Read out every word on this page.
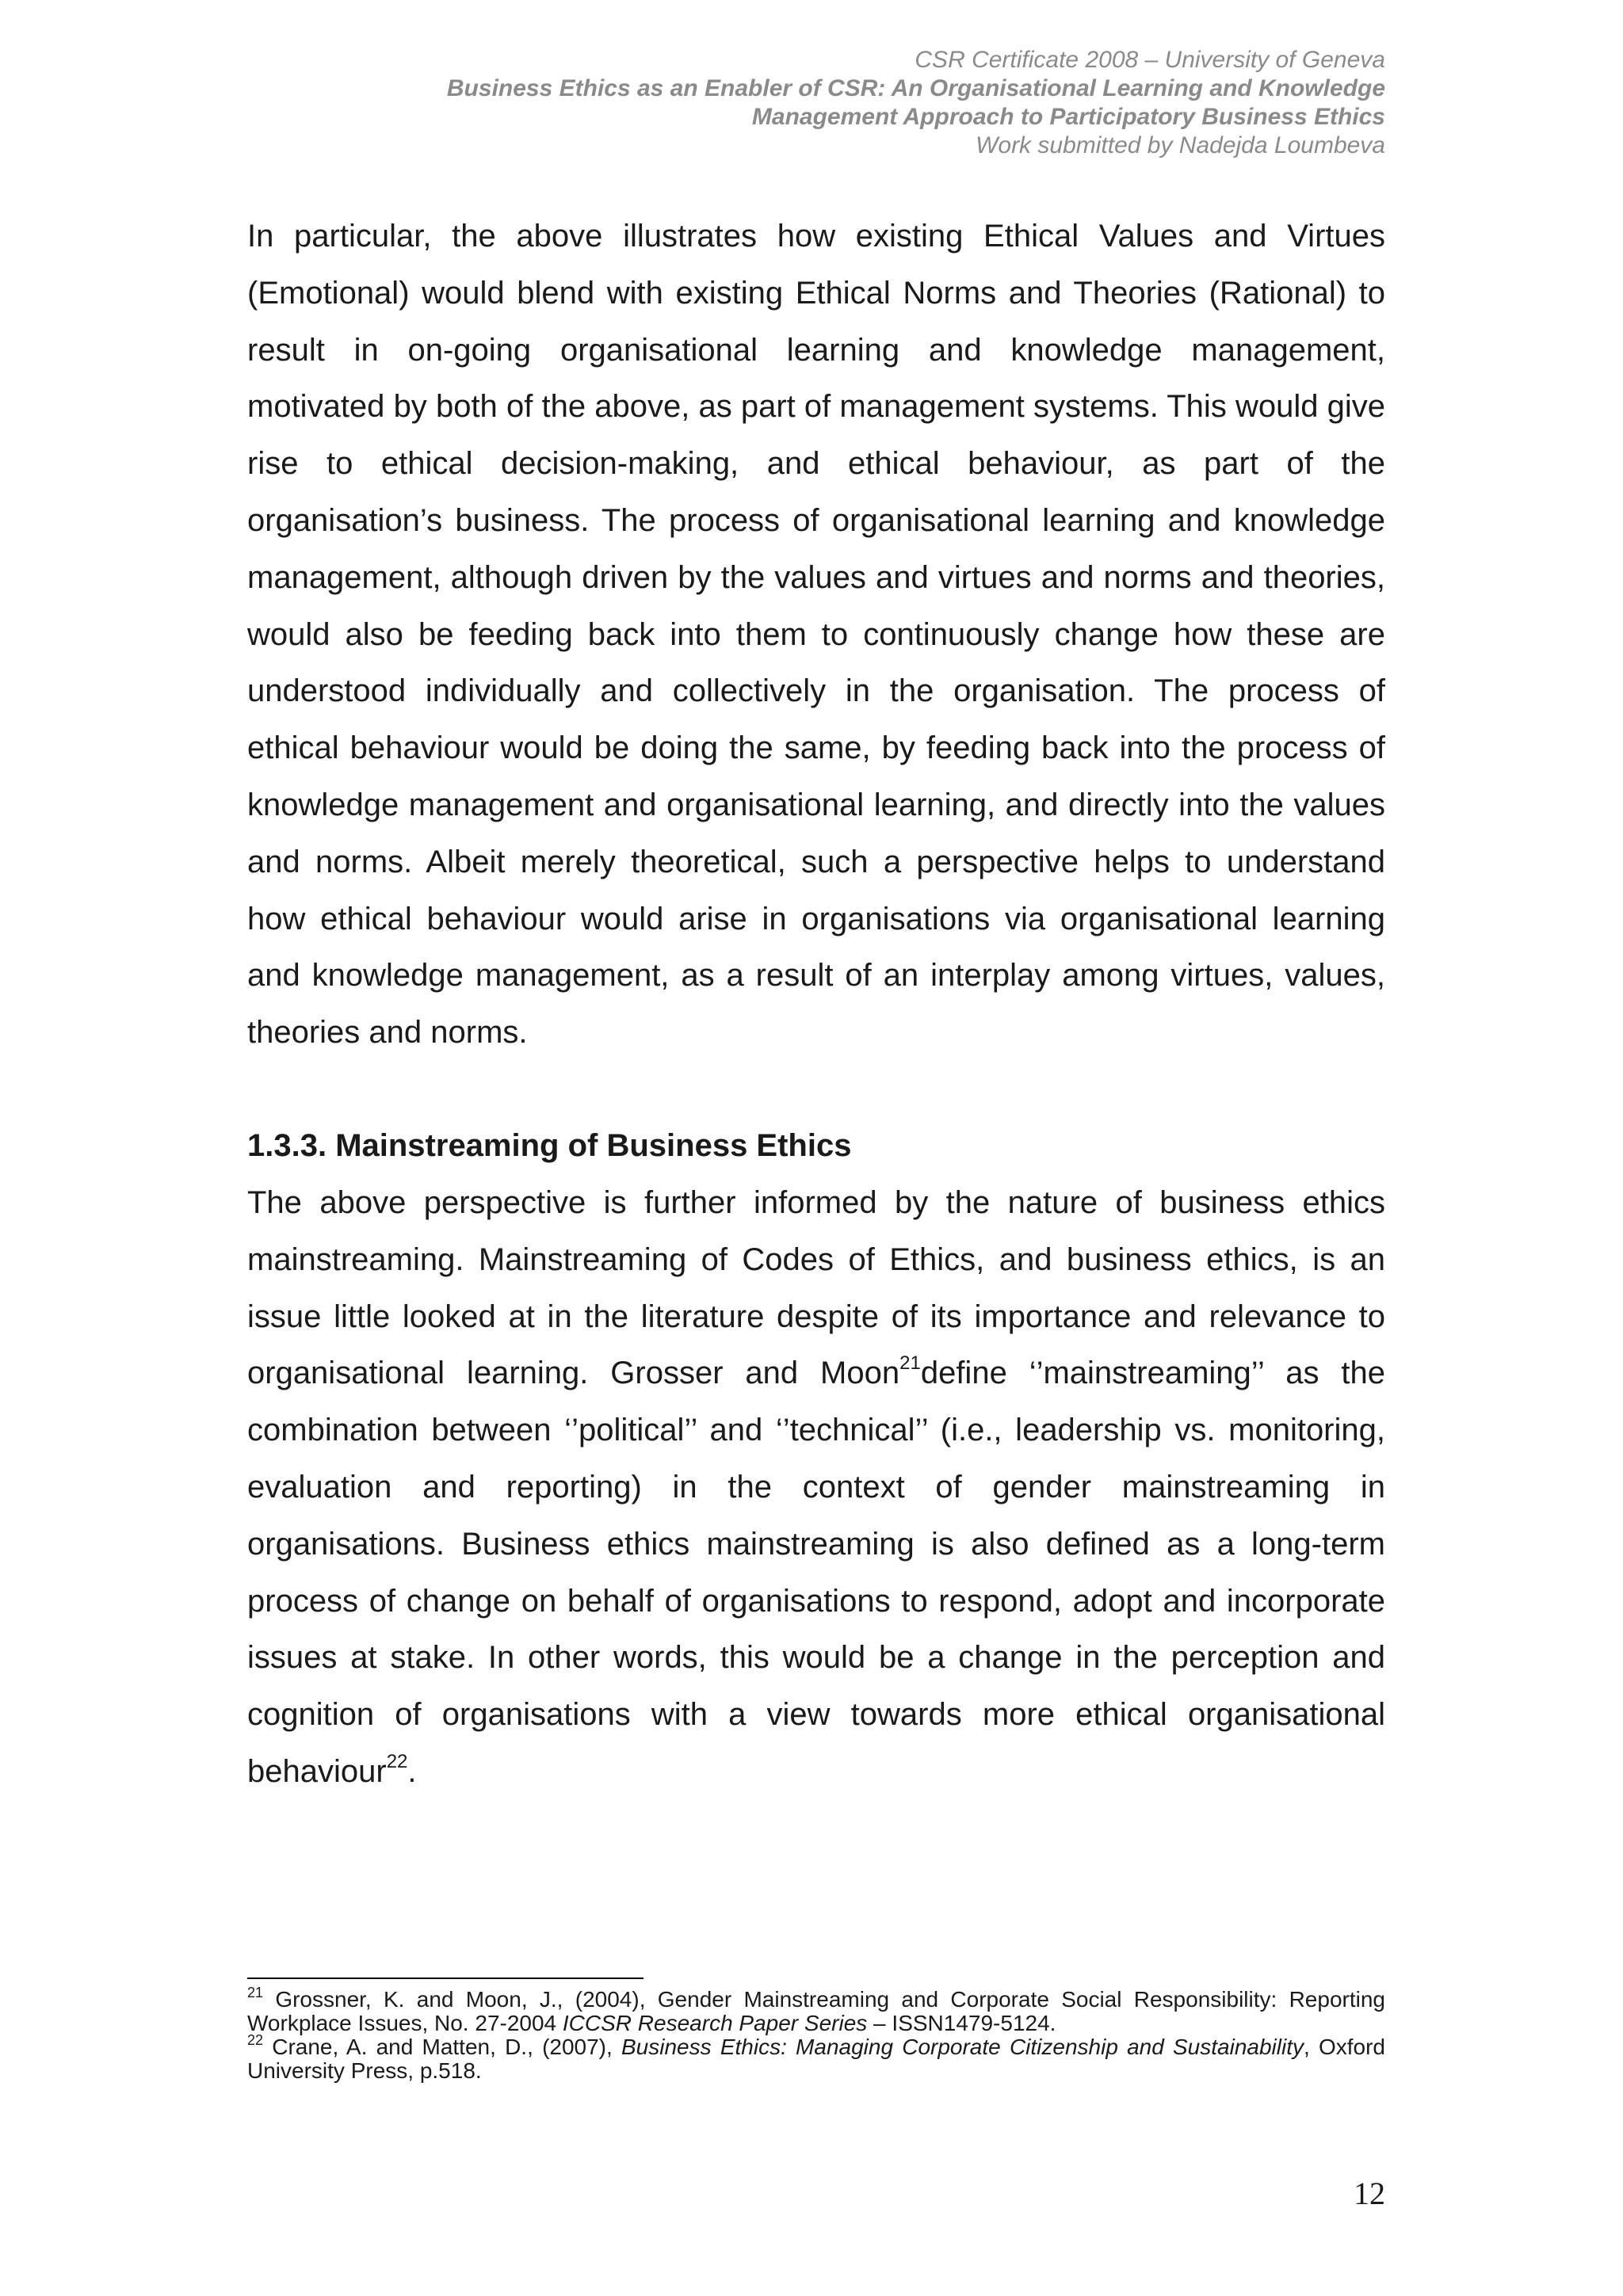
CSR Certificate 2008 – University of Geneva
Business Ethics as an Enabler of CSR: An Organisational Learning and Knowledge
Management Approach to Participatory Business Ethics
Work submitted by Nadejda Loumbeva

In particular, the above illustrates how existing Ethical Values and Virtues (Emotional) would blend with existing Ethical Norms and Theories (Rational) to result in on-going organisational learning and knowledge management, motivated by both of the above, as part of management systems. This would give rise to ethical decision-making, and ethical behaviour, as part of the organisation’s business. The process of organisational learning and knowledge management, although driven by the values and virtues and norms and theories, would also be feeding back into them to continuously change how these are understood individually and collectively in the organisation. The process of ethical behaviour would be doing the same, by feeding back into the process of knowledge management and organisational learning, and directly into the values and norms. Albeit merely theoretical, such a perspective helps to understand how ethical behaviour would arise in organisations via organisational learning and knowledge management, as a result of an interplay among virtues, values, theories and norms.

1.3.3. Mainstreaming of Business Ethics

The above perspective is further informed by the nature of business ethics mainstreaming. Mainstreaming of Codes of Ethics, and business ethics, is an issue little looked at in the literature despite of its importance and relevance to organisational learning. Grosser and Moon$^{21}$define ‘’mainstreaming’’ as the combination between ‘’political’’ and ‘’technical’’ (i.e., leadership vs. monitoring, evaluation and reporting) in the context of gender mainstreaming in organisations. Business ethics mainstreaming is also defined as a long-term process of change on behalf of organisations to respond, adopt and incorporate issues at stake. In other words, this would be a change in the perception and cognition of organisations with a view towards more ethical organisational behaviour$^{22}$.

$^{21}$ Grossner, K. and Moon, J., (2004), Gender Mainstreaming and Corporate Social Responsibility: Reporting Workplace Issues, No. 27-2004 ICCSR Research Paper Series – ISSN1479-5124.

$^{22}$ Crane, A. and Matten, D., (2007), Business Ethics: Managing Corporate Citizenship and Sustainability, Oxford University Press, p.518.

12
